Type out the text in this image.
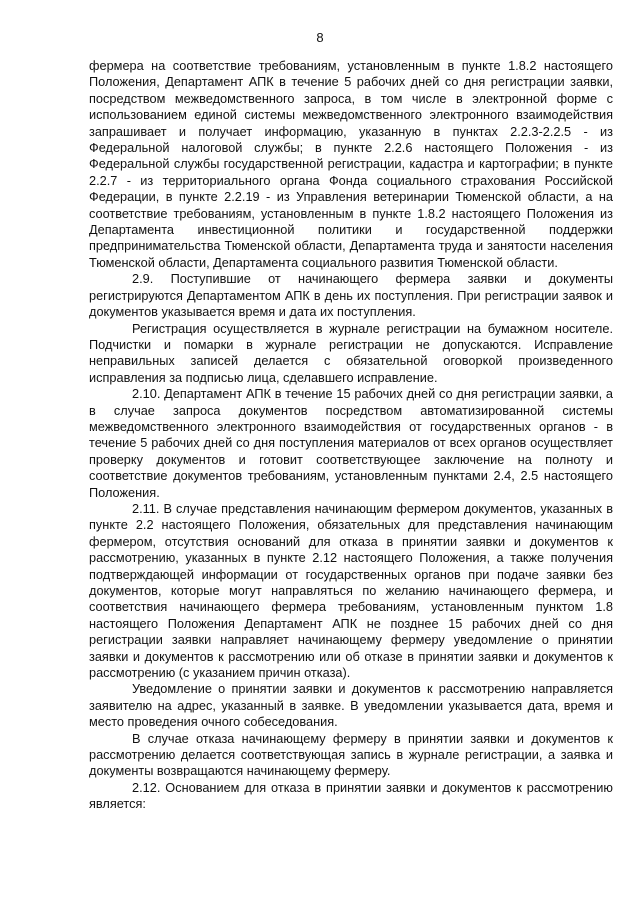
8

фермера на соответствие требованиям, установленным в пункте 1.8.2 настоящего Положения, Департамент АПК в течение 5 рабочих дней со дня регистрации заявки, посредством межведомственного запроса, в том числе в электронной форме с использованием единой системы межведомственного электронного взаимодействия запрашивает и получает информацию, указанную в пунктах 2.2.3-2.2.5 - из Федеральной налоговой службы; в пункте 2.2.6 настоящего Положения - из Федеральной службы государственной регистрации, кадастра и картографии; в пункте 2.2.7 - из территориального органа Фонда социального страхования Российской Федерации, в пункте 2.2.19 - из Управления ветеринарии Тюменской области, а на соответствие требованиям, установленным в пункте 1.8.2 настоящего Положения из Департамента инвестиционной политики и государственной поддержки предпринимательства Тюменской области, Департамента труда и занятости населения Тюменской области, Департамента социального развития Тюменской области.

2.9. Поступившие от начинающего фермера заявки и документы регистрируются Департаментом АПК в день их поступления. При регистрации заявок и документов указывается время и дата их поступления.

Регистрация осуществляется в журнале регистрации на бумажном носителе. Подчистки и помарки в журнале регистрации не допускаются. Исправление неправильных записей делается с обязательной оговоркой произведенного исправления за подписью лица, сделавшего исправление.

2.10. Департамент АПК в течение 15 рабочих дней со дня регистрации заявки, а в случае запроса документов посредством автоматизированной системы межведомственного электронного взаимодействия от государственных органов - в течение 5 рабочих дней со дня поступления материалов от всех органов осуществляет проверку документов и готовит соответствующее заключение на полноту и соответствие документов требованиям, установленным пунктами 2.4, 2.5 настоящего Положения.

2.11. В случае представления начинающим фермером документов, указанных в пункте 2.2 настоящего Положения, обязательных для представления начинающим фермером, отсутствия оснований для отказа в принятии заявки и документов к рассмотрению, указанных в пункте 2.12 настоящего Положения, а также получения подтверждающей информации от государственных органов при подаче заявки без документов, которые могут направляться по желанию начинающего фермера, и соответствия начинающего фермера требованиям, установленным пунктом 1.8 настоящего Положения Департамент АПК не позднее 15 рабочих дней со дня регистрации заявки направляет начинающему фермеру уведомление о принятии заявки и документов к рассмотрению или об отказе в принятии заявки и документов к рассмотрению (с указанием причин отказа).

Уведомление о принятии заявки и документов к рассмотрению направляется заявителю на адрес, указанный в заявке. В уведомлении указывается дата, время и место проведения очного собеседования.

В случае отказа начинающему фермеру в принятии заявки и документов к рассмотрению делается соответствующая запись в журнале регистрации, а заявка и документы возвращаются начинающему фермеру.

2.12. Основанием для отказа в принятии заявки и документов к рассмотрению является:
